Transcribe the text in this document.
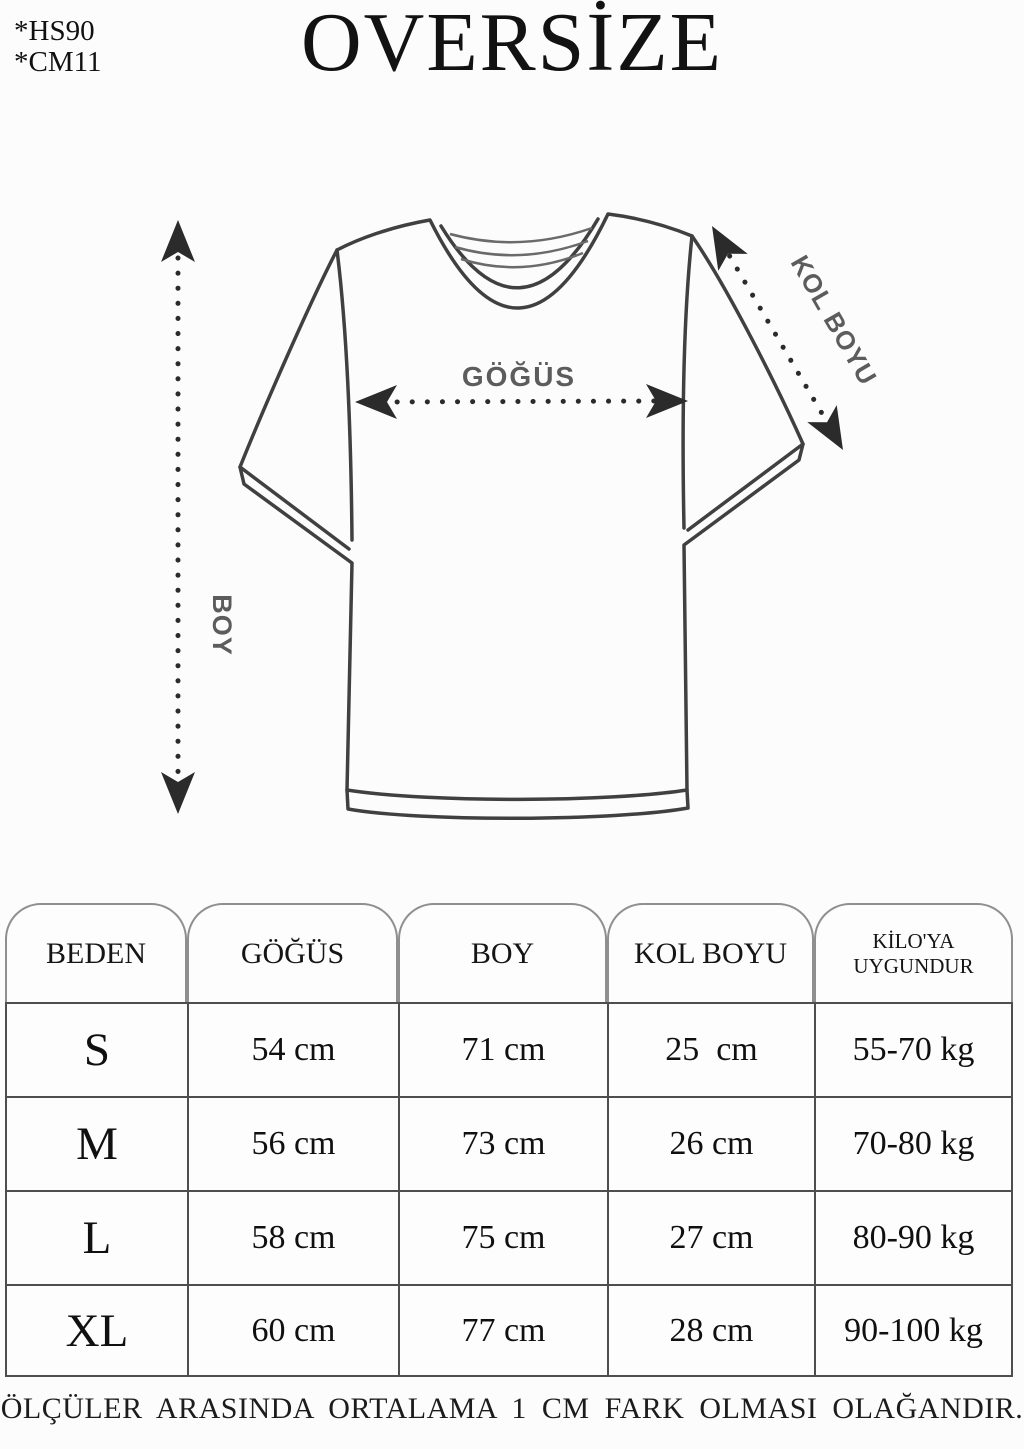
*HS90
*CM11	OVERSİZE
BOY
GÖĞÜS	KOL BOYU
BEDEN	GÖĞÜS	BOY	KOL BOYU	KİLO'YA UYGUNDUR
S	54 cm	71 cm	25  cm	55-70 kg
M	56 cm	73 cm	26 cm	70-80 kg
L	58 cm	75 cm	27 cm	80-90 kg
XL	60 cm	77 cm	28 cm	90-100 kg
ÖLÇÜLER ARASINDA ORTALAMA 1 CM FARK OLMASI OLAĞANDIR.
